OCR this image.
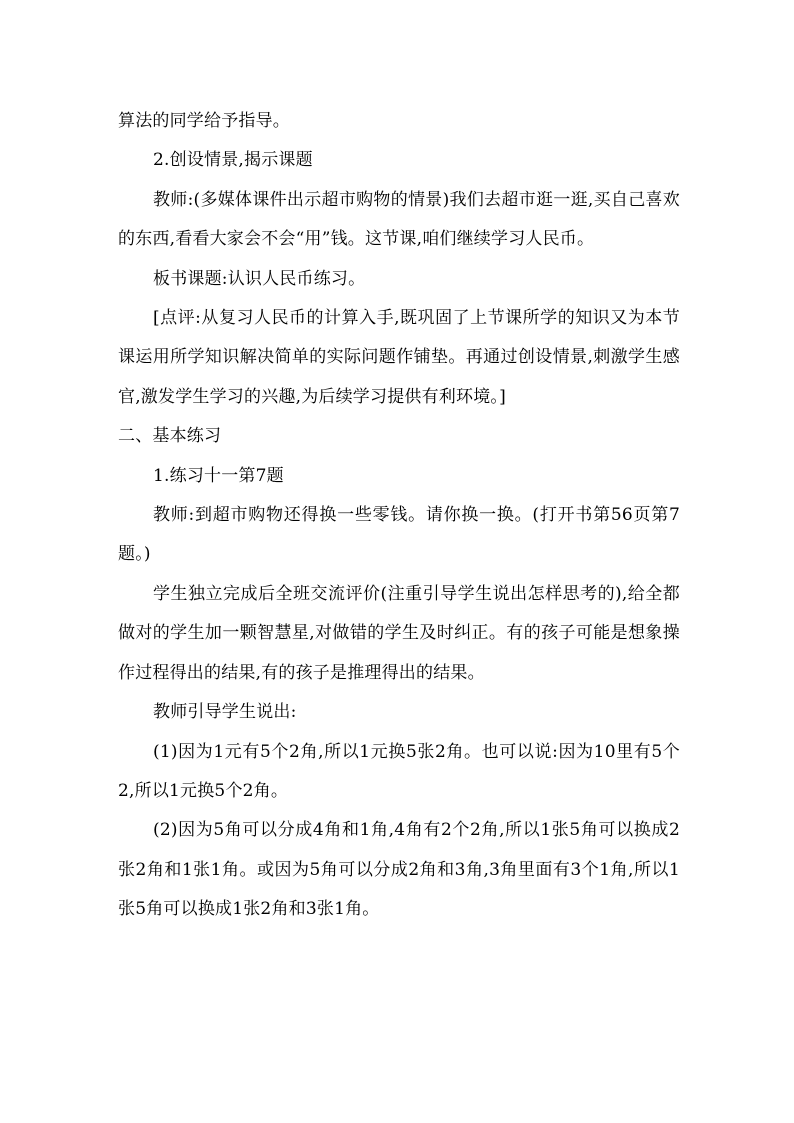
算法的同学给予指导。

2.创设情景,揭示课题

教师:(多媒体课件出示超市购物的情景)我们去超市逛一逛,买自己喜欢的东西,看看大家会不会“用”钱。这节课,咱们继续学习人民币。

板书课题:认识人民币练习。

[点评:从复习人民币的计算入手,既巩固了上节课所学的知识又为本节课运用所学知识解决简单的实际问题作铺垫。再通过创设情景,刺激学生感官,激发学生学习的兴趣,为后续学习提供有利环境。]

二、基本练习

1.练习十一第7题

教师:到超市购物还得换一些零钱。请你换一换。(打开书第56页第7题。)

学生独立完成后全班交流评价(注重引导学生说出怎样思考的),给全都做对的学生加一颗智慧星,对做错的学生及时纠正。有的孩子可能是想象操作过程得出的结果,有的孩子是推理得出的结果。

教师引导学生说出:

(1)因为1元有5个2角,所以1元换5张2角。也可以说:因为10里有5个2,所以1元换5个2角。

(2)因为5角可以分成4角和1角,4角有2个2角,所以1张5角可以换成2张2角和1张1角。或因为5角可以分成2角和3角,3角里面有3个1角,所以1张5角可以换成1张2角和3张1角。
